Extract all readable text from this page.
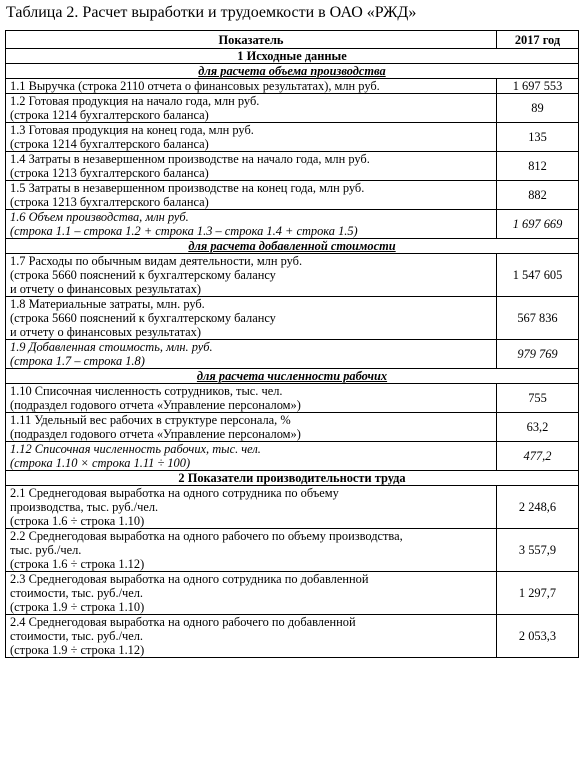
Таблица 2. Расчет выработки и трудоемкости в ОАО «РЖД»
Показатель	2017 год
1 Исходные данные	
для расчета объема производства	

1.1 Выручка (строка 2110 отчета о финансовых результатах), млн руб.	1 697 553

1.2 Готовая продукция на начало года, млн руб.
(строка 1214 бухгалтерского баланса)	89

1.3 Готовая продукция на конец года, млн руб.
(строка 1214 бухгалтерского баланса)	135

1.4 Затраты в незавершенном производстве на начало года, млн руб.
(строка 1213 бухгалтерского баланса)	812

1.5 Затраты в незавершенном производстве на конец года, млн руб.
(строка 1213 бухгалтерского баланса)	882

1.6 Объем производства, млн руб.
(строка 1.1 – строка 1.2 + строка 1.3 – строка 1.4 + строка 1.5)	1 697 669
для расчета добавленной стоимости	

1.7 Расходы по обычным видам деятельности, млн руб.
(строка 5660 пояснений к бухгалтерскому балансу
и отчету о финансовых результатах)	1 547 605

1.8 Материальные затраты, млн. руб.
(строка 5660 пояснений к бухгалтерскому балансу
и отчету о финансовых результатах)	567 836

1.9 Добавленная стоимость, млн. руб.
(строка 1.7 – строка 1.8)	979 769
для расчета численности рабочих	

1.10 Списочная численность сотрудников, тыс. чел.
(подраздел годового отчета «Управление персоналом»)	755

1.11 Удельный вес рабочих в структуре персонала, %
(подраздел годового отчета «Управление персоналом»)	63,2

1.12 Списочная численность рабочих, тыс. чел.
(строка 1.10 × строка 1.11 ÷ 100)	477,2
2 Показатели производительности труда	

2.1 Среднегодовая выработка на одного сотрудника по объему
производства, тыс. руб./чел.
(строка 1.6 ÷ строка 1.10)	2 248,6

2.2 Среднегодовая выработка на одного рабочего по объему производства,
тыс. руб./чел.
(строка 1.6 ÷ строка 1.12)	3 557,9

2.3 Среднегодовая выработка на одного сотрудника по добавленной
стоимости, тыс. руб./чел.
(строка 1.9 ÷ строка 1.10)	1 297,7

2.4 Среднегодовая выработка на одного рабочего по добавленной
стоимости, тыс. руб./чел.
(строка 1.9 ÷ строка 1.12)	2 053,3
